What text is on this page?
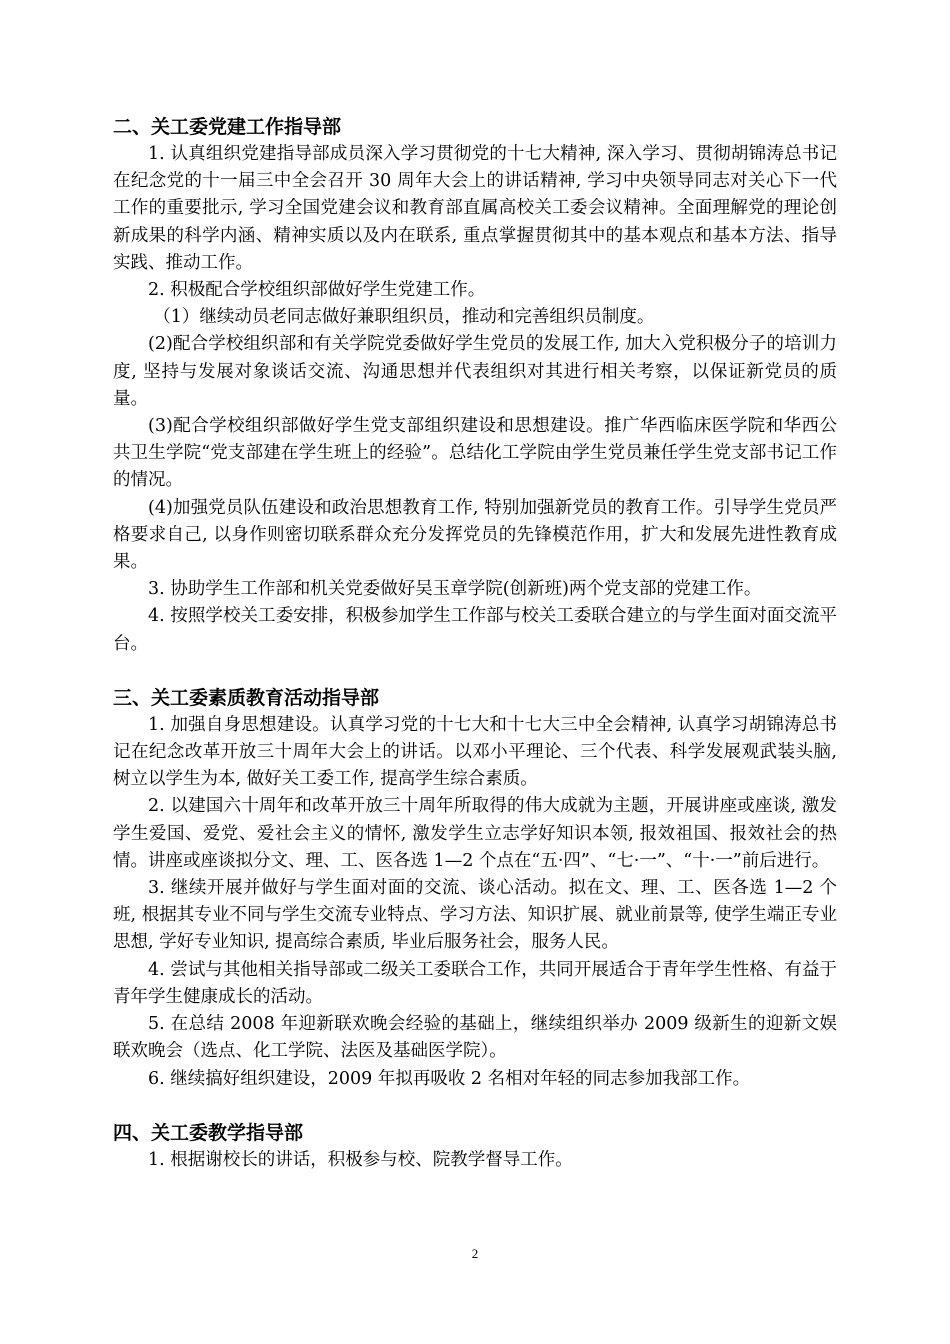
二、关工委党建工作指导部

1. 认真组织党建指导部成员深入学习贯彻党的十七大精神, 深入学习、贯彻胡锦涛总书记在纪念党的十一届三中全会召开 30 周年大会上的讲话精神, 学习中央领导同志对关心下一代工作的重要批示, 学习全国党建会议和教育部直属高校关工委会议精神。全面理解党的理论创新成果的科学内涵、精神实质以及内在联系, 重点掌握贯彻其中的基本观点和基本方法、指导实践、推动工作。

2. 积极配合学校组织部做好学生党建工作。

（1）继续动员老同志做好兼职组织员，推动和完善组织员制度。

(2)配合学校组织部和有关学院党委做好学生党员的发展工作, 加大入党积极分子的培训力度, 坚持与发展对象谈话交流、沟通思想并代表组织对其进行相关考察，以保证新党员的质量。

(3)配合学校组织部做好学生党支部组织建设和思想建设。推广华西临床医学院和华西公共卫生学院“党支部建在学生班上的经验”。总结化工学院由学生党员兼任学生党支部书记工作的情况。

(4)加强党员队伍建设和政治思想教育工作, 特别加强新党员的教育工作。引导学生党员严格要求自己, 以身作则密切联系群众充分发挥党员的先锋模范作用，扩大和发展先进性教育成果。

3. 协助学生工作部和机关党委做好吴玉章学院(创新班)两个党支部的党建工作。

4. 按照学校关工委安排，积极参加学生工作部与校关工委联合建立的与学生面对面交流平台。

三、关工委素质教育活动指导部

1. 加强自身思想建设。认真学习党的十七大和十七大三中全会精神, 认真学习胡锦涛总书记在纪念改革开放三十周年大会上的讲话。以邓小平理论、三个代表、科学发展观武装头脑, 树立以学生为本, 做好关工委工作, 提高学生综合素质。

2. 以建国六十周年和改革开放三十周年所取得的伟大成就为主题，开展讲座或座谈, 激发学生爱国、爱党、爱社会主义的情怀, 激发学生立志学好知识本领, 报效祖国、报效社会的热情。讲座或座谈拟分文、理、工、医各选 1—2 个点在“五·四”、“七·一”、“十·一”前后进行。

3. 继续开展并做好与学生面对面的交流、谈心活动。拟在文、理、工、医各选 1—2 个班, 根据其专业不同与学生交流专业特点、学习方法、知识扩展、就业前景等, 使学生端正专业思想, 学好专业知识, 提高综合素质, 毕业后服务社会，服务人民。

4. 尝试与其他相关指导部或二级关工委联合工作，共同开展适合于青年学生性格、有益于青年学生健康成长的活动。

5. 在总结 2008 年迎新联欢晚会经验的基础上，继续组织举办 2009 级新生的迎新文娱联欢晚会（选点、化工学院、法医及基础医学院）。

6. 继续搞好组织建设，2009 年拟再吸收 2 名相对年轻的同志参加我部工作。

四、关工委教学指导部

1. 根据谢校长的讲话，积极参与校、院教学督导工作。

2
